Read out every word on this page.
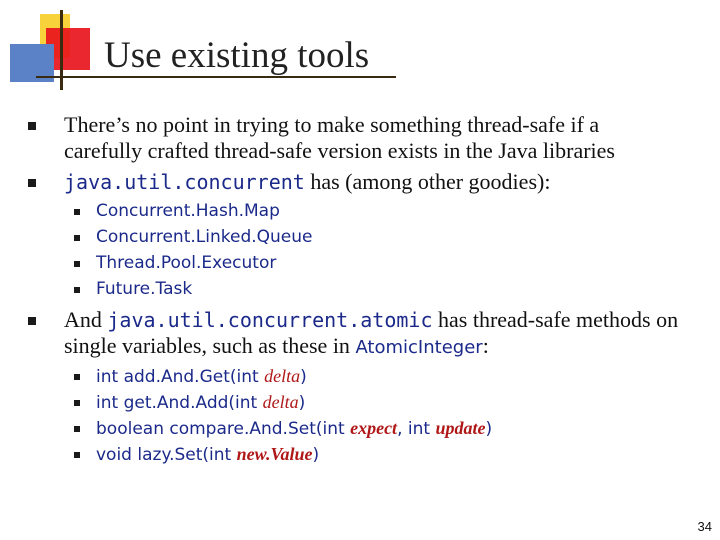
Use existing tools
There’s no point in trying to make something thread-safe if a
carefully crafted thread-safe version exists in the Java libraries
java.util.concurrent has (among other goodies):
Concurrent.Hash.Map
Concurrent.Linked.Queue
Thread.Pool.Executor
Future.Task
And java.util.concurrent.atomic has thread-safe methods on
single variables, such as these in AtomicInteger:
int add.And.Get(int delta)
int get.And.Add(int delta)
boolean compare.And.Set(int expect, int update)
void lazy.Set(int new.Value)
34
